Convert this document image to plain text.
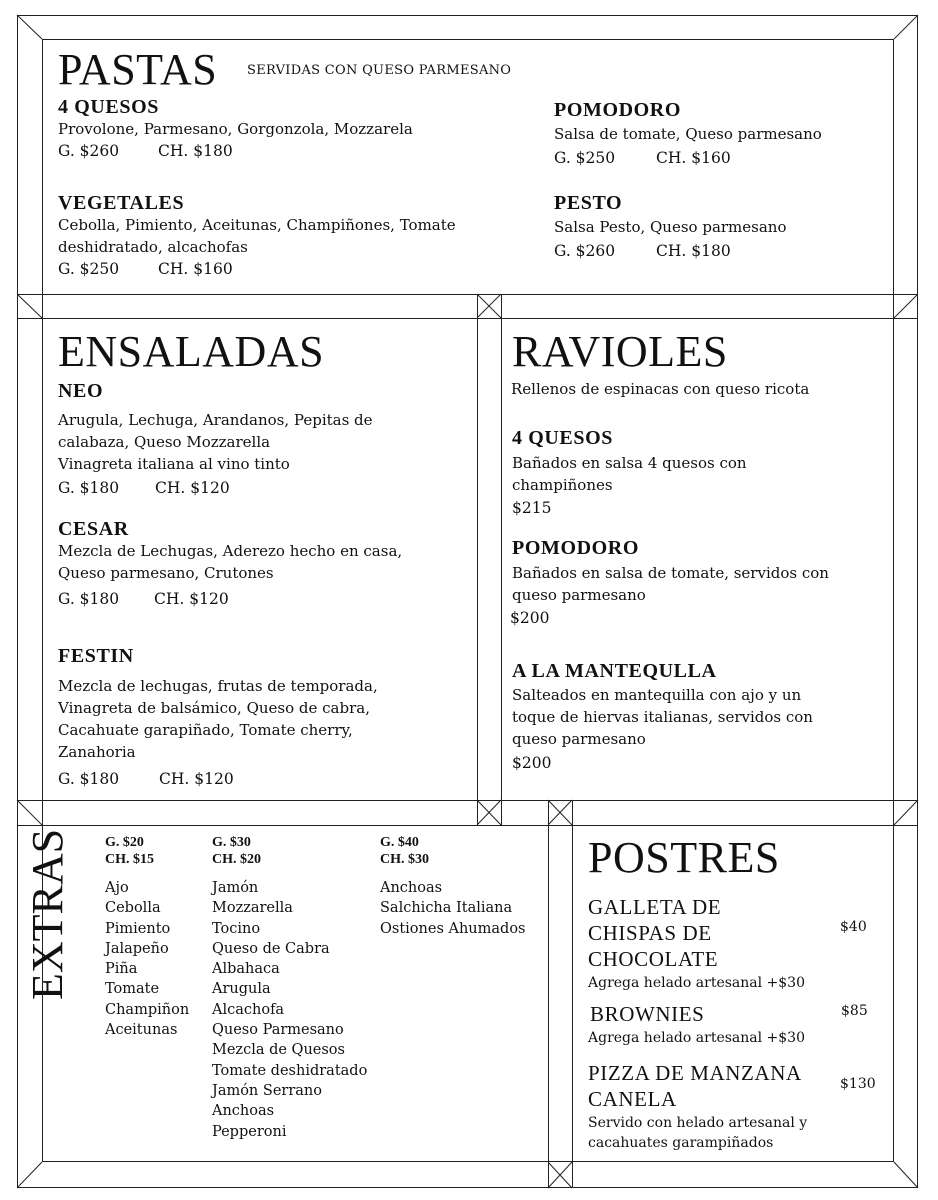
PASTAS SERVIDAS CON QUESO PARMESANO
4 QUESOS
Provolone, Parmesano, Gorgonzola, Mozzarela
G. $260	CH. $180
VEGETALES
Cebolla, Pimiento, Aceitunas, Champiñones, Tomate
deshidratado, alcachofas
G. $250	CH. $160
POMODORO
Salsa de tomate, Queso parmesano
G. $250	CH. $160
PESTO
Salsa Pesto, Queso parmesano
G. $260	CH. $180
ENSALADAS
NEO
Arugula, Lechuga, Arandanos, Pepitas de
calabaza, Queso Mozzarella
Vinagreta italiana al vino tinto
G. $180 CH. $120
CESAR
Mezcla de Lechugas, Aderezo hecho en casa,
Queso parmesano, Crutones
G. $180 CH. $120
FESTIN
Mezcla de lechugas, frutas de temporada,
Vinagreta de balsámico, Queso de cabra,
Cacahuate garapiñado, Tomate cherry,
Zanahoria
G. $180	CH. $120
RAVIOLES
Rellenos de espinacas con queso ricota
4 QUESOS
Bañados en salsa 4 quesos con
champiñones
$215
POMODORO
Bañados en salsa de tomate, servidos con
queso parmesano
$200
A LA MANTEQULLA
Salteados en mantequilla con ajo y un
toque de hiervas italianas, servidos con
queso parmesano
$200
EXTRAS G. $20
CH. $15
Ajo
Cebolla
Pimiento
Jalapeño
Piña
Tomate
Champiñon
Aceitunas
G. $30
CH. $20
Jamón
Mozzarella
Tocino
Queso de Cabra
Albahaca
Arugula
Alcachofa
Queso Parmesano
Mezcla de Quesos
Tomate deshidratado
Jamón Serrano
Anchoas
Pepperoni
G. $40
CH. $30
Anchoas
Salchicha Italiana
Ostiones Ahumados
POSTRES
GALLETA DE
CHISPAS DE
CHOCOLATE
Agrega helado artesanal +$30
$40
BROWNIES
Agrega helado artesanal +$30
$85
PIZZA DE MANZANA
CANELA
Servido con helado artesanal y
cacahuates garampiñados
$130
